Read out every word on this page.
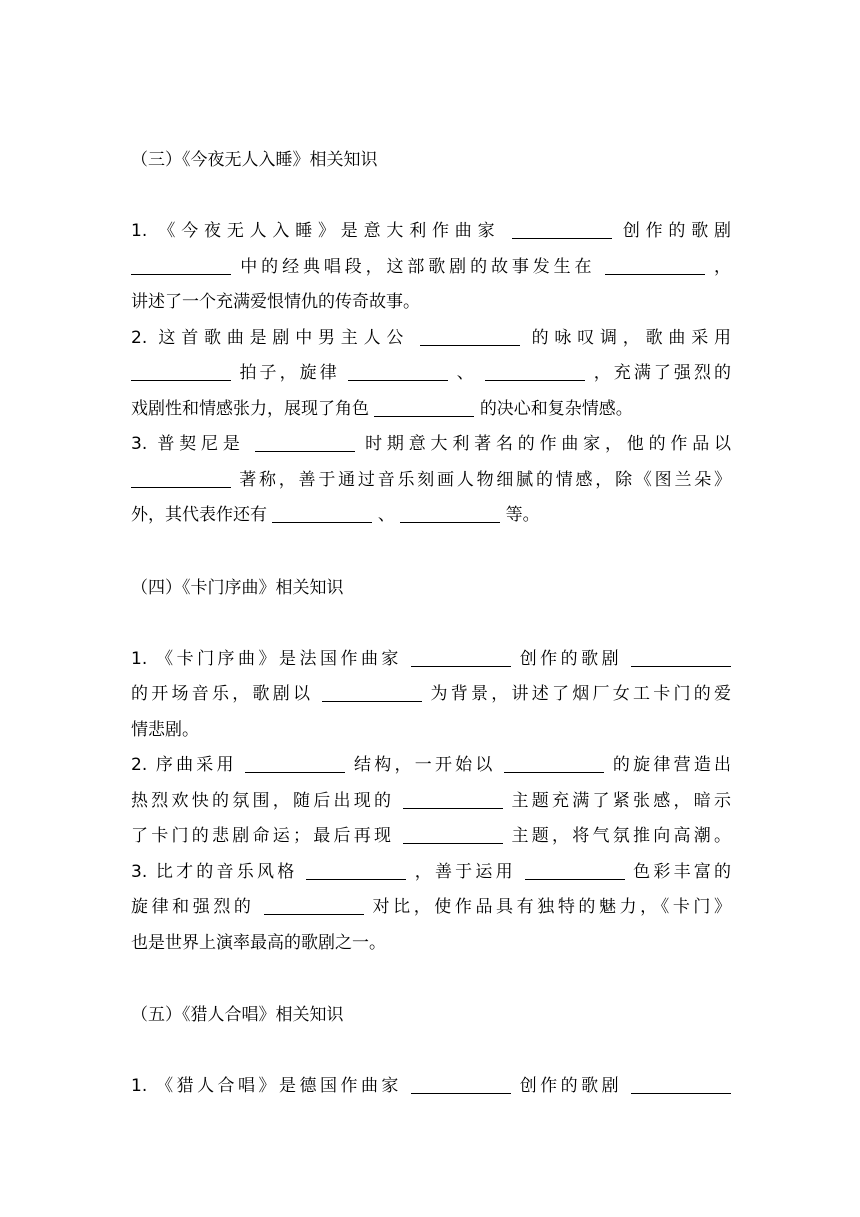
（三）《今夜无人入睡》相关知识
1. 《今夜无人入睡》是意大利作曲家	创作的歌剧
中的经典唱段，这部歌剧的故事发生在	，
讲述了一个充满爱恨情仇的传奇故事。
2. 这首歌曲是剧中男主人公	的咏叹调，歌曲采用
拍子，旋律	、	，充满了强烈的
戏剧性和情感张力，展现了角色	的决心和复杂情感。
3. 普契尼是	时期意大利著名的作曲家，他的作品以
著称，善于通过音乐刻画人物细腻的情感，除《图兰朵》
外，其代表作还有	、	等。
（四）《卡门序曲》相关知识
1. 《卡门序曲》是法国作曲家	创作的歌剧
的开场音乐，歌剧以	为背景，讲述了烟厂女工卡门的爱
情悲剧。
2. 序曲采用	结构，一开始以	的旋律营造出
热烈欢快的氛围，随后出现的	主题充满了紧张感，暗示
了卡门的悲剧命运；最后再现	主题，将气氛推向高潮。
3. 比才的音乐风格	，善于运用	色彩丰富的
旋律和强烈的	对比，使作品具有独特的魅力，《卡门》
也是世界上演率最高的歌剧之一。
（五）《猎人合唱》相关知识
1. 《猎人合唱》是德国作曲家	创作的歌剧
